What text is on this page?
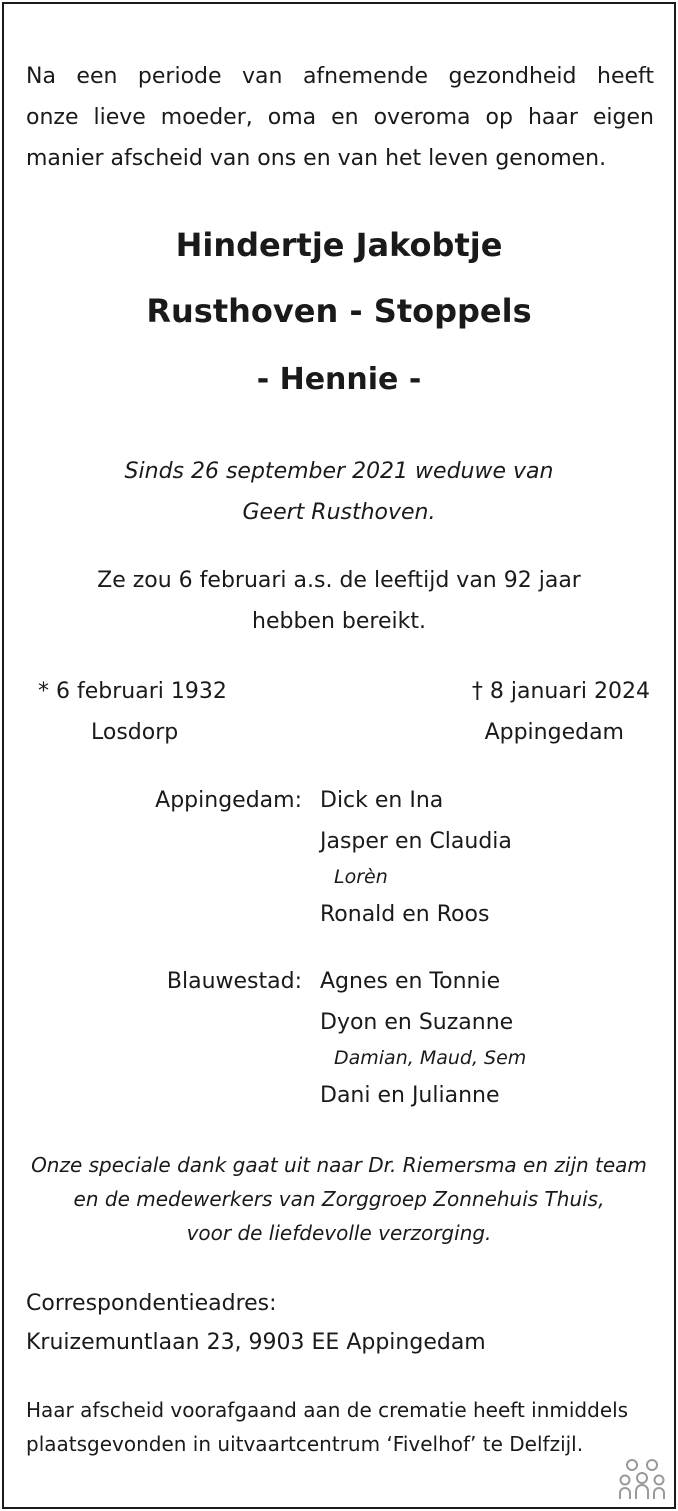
Na een periode van afnemende gezondheid heeft
onze lieve moeder, oma en overoma op haar eigen
manier afscheid van ons en van het leven genomen.
Hindertje Jakobtje
Rusthoven - Stoppels
- Hennie -
Sinds 26 september 2021 weduwe van
Geert Rusthoven.
Ze zou 6 februari a.s. de leeftijd van 92 jaar
hebben bereikt.
* 6 februari 1932
Losdorp
† 8 januari 2024
Appingedam
Appingedam: Dick en Ina
Jasper en Claudia
Lorèn
Ronald en Roos
Blauwestad: Agnes en Tonnie
Dyon en Suzanne
Damian, Maud, Sem
Dani en Julianne
Onze speciale dank gaat uit naar Dr. Riemersma en zijn team
en de medewerkers van Zorggroep Zonnehuis Thuis,
voor de liefdevolle verzorging.
Correspondentieadres:
Kruizemuntlaan 23, 9903 EE Appingedam
Haar afscheid voorafgaand aan de crematie heeft inmiddels
plaatsgevonden in uitvaartcentrum ‘Fivelhof’ te Delfzijl.
